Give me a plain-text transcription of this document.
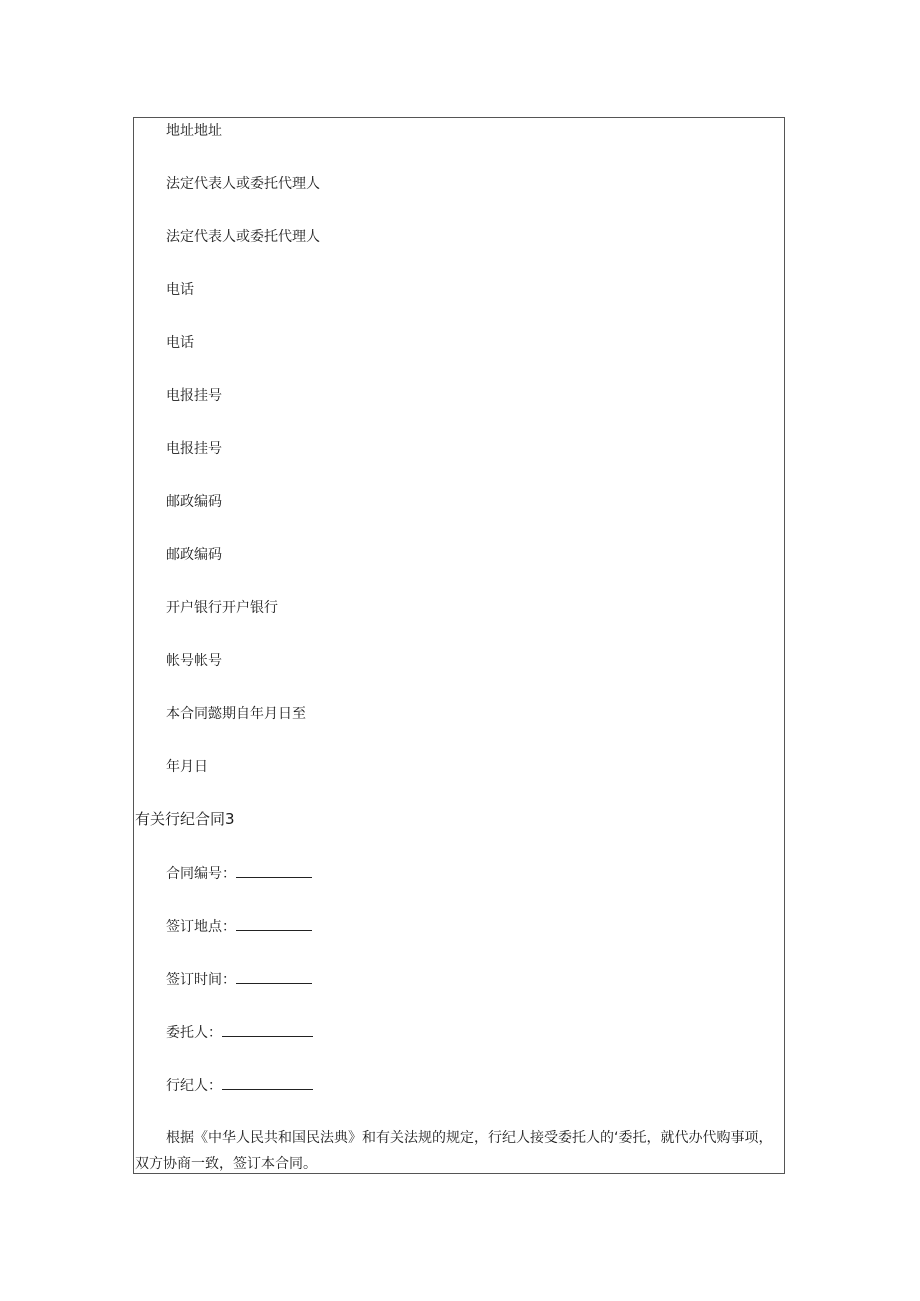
地址地址
法定代表人或委托代理人
法定代表人或委托代理人
电话
电话
电报挂号
电报挂号
邮政编码
邮政编码
开户银行开户银行
帐号帐号
本合同懿期自年月日至
年月日
有关行纪合同3
合同编号：
签订地点：
签订时间：
委托人：
行纪人：
根据《中华人民共和国民法典》和有关法规的规定，行纪人接受委托人的‘委托，就代办代购事项，双方协商一致，签订本合同。
